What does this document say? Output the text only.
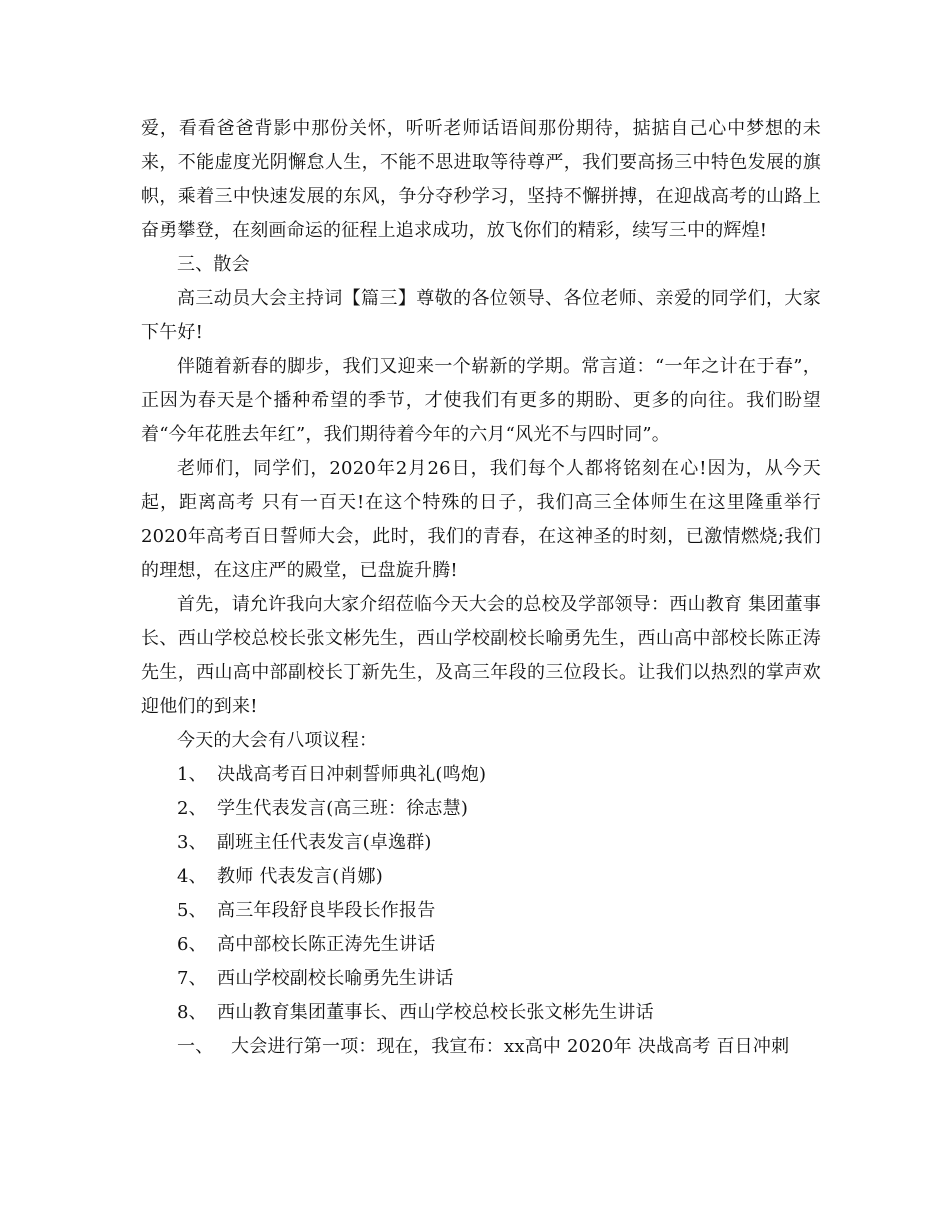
爱，看看爸爸背影中那份关怀，听听老师话语间那份期待，掂掂自己心中梦想的未来，不能虚度光阴懈怠人生，不能不思进取等待尊严，我们要高扬三中特色发展的旗帜，乘着三中快速发展的东风，争分夺秒学习，坚持不懈拼搏，在迎战高考的山路上奋勇攀登，在刻画命运的征程上追求成功，放飞你们的精彩，续写三中的辉煌!

三、散会

高三动员大会主持词【篇三】尊敬的各位领导、各位老师、亲爱的同学们，大家下午好!

伴随着新春的脚步，我们又迎来一个崭新的学期。常言道：“一年之计在于春”，正因为春天是个播种希望的季节，才使我们有更多的期盼、更多的向往。我们盼望着“今年花胜去年红”，我们期待着今年的六月“风光不与四时同”。

老师们，同学们，2020年2月26日，我们每个人都将铭刻在心!因为，从今天起，距离高考 只有一百天!在这个特殊的日子，我们高三全体师生在这里隆重举行2020年高考百日誓师大会，此时，我们的青春，在这神圣的时刻，已激情燃烧;我们的理想，在这庄严的殿堂，已盘旋升腾!

首先，请允许我向大家介绍莅临今天大会的总校及学部领导：西山教育 集团董事长、西山学校总校长张文彬先生，西山学校副校长喻勇先生，西山高中部校长陈正涛先生，西山高中部副校长丁新先生，及高三年段的三位段长。让我们以热烈的掌声欢迎他们的到来!

今天的大会有八项议程：

1、 决战高考百日冲刺誓师典礼(鸣炮)

2、 学生代表发言(高三班：徐志慧)

3、 副班主任代表发言(卓逸群)

4、 教师 代表发言(肖娜)

5、 高三年段舒良毕段长作报告

6、 高中部校长陈正涛先生讲话

7、 西山学校副校长喻勇先生讲话

8、 西山教育集团董事长、西山学校总校长张文彬先生讲话

一、 大会进行第一项：现在，我宣布：xx高中 2020年 决战高考 百日冲刺
